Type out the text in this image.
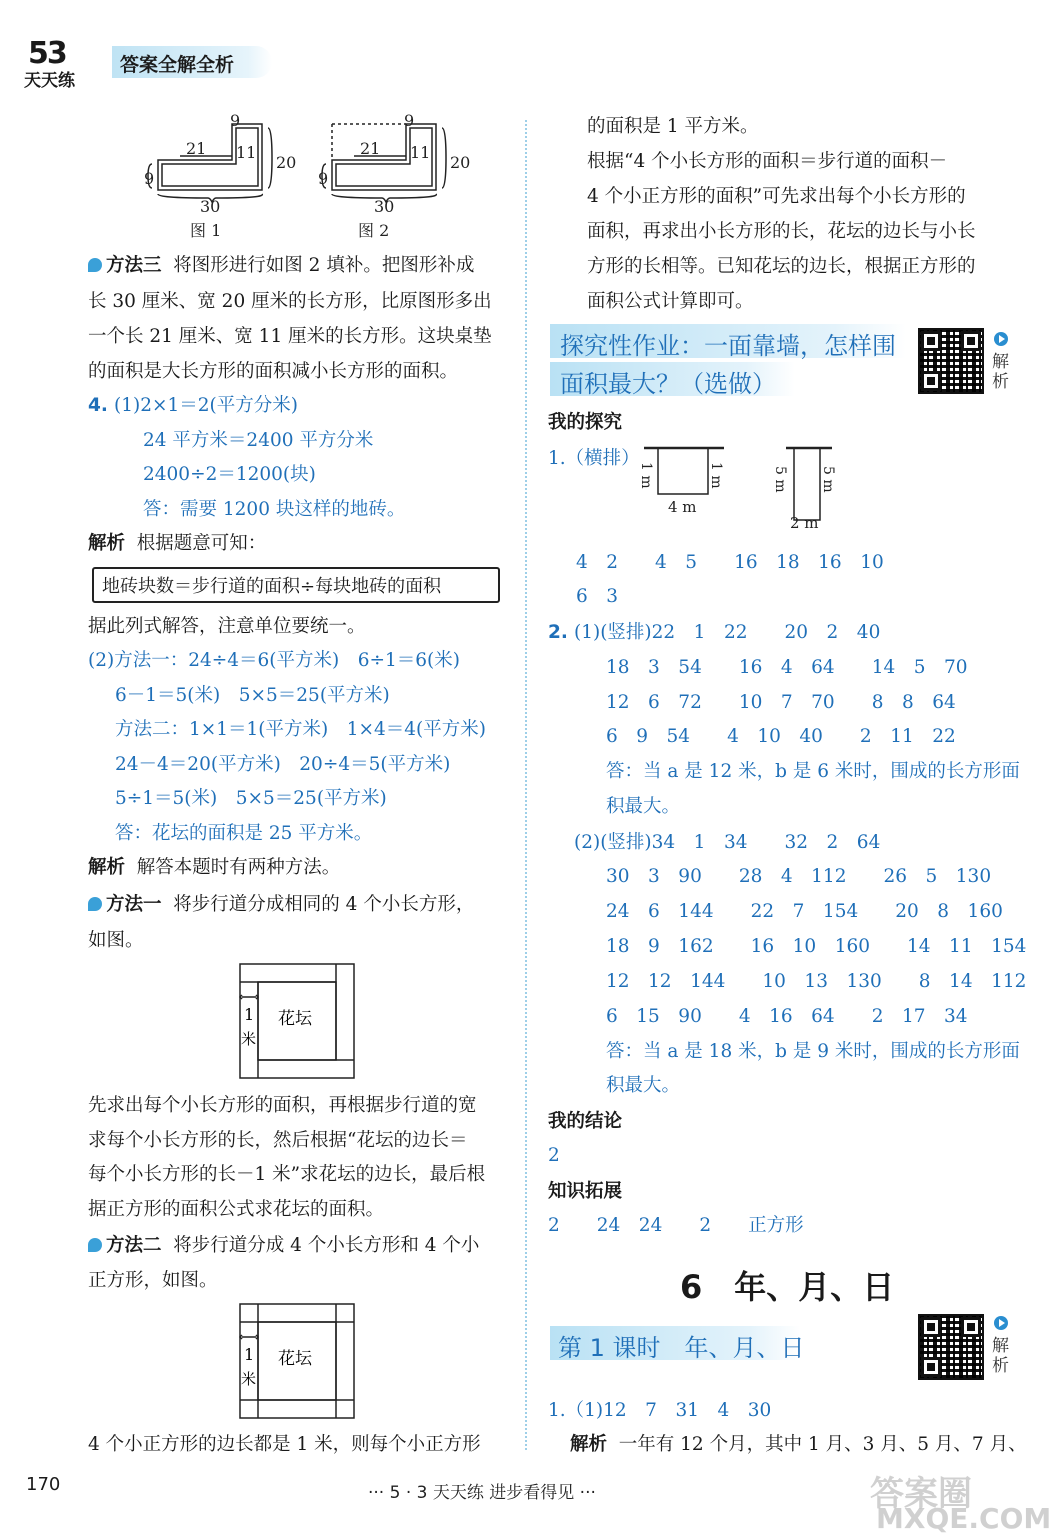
53
天天练
答案全解全析
21
9
11
20
9
30
21
9
11
20
9
30
图 1	图 2
方法三 将图形进行如图 2 填补。把图形补成
长 30 厘米、宽 20 厘米的长方形，比原图形多出
一个长 21 厘米、宽 11 厘米的长方形。这块桌垫
的面积是大长方形的面积减小长方形的面积。
4. (1)2×1＝2(平方分米)
24 平方米＝2400 平方分米
2400÷2＝1200(块)
答：需要 1200 块这样的地砖。
解析 根据题意可知：
地砖块数＝步行道的面积÷每块地砖的面积
据此列式解答，注意单位要统一。
(2)方法一：24÷4＝6(平方米)　6÷1＝6(米)
6－1＝5(米)　5×5＝25(平方米)
方法二：1×1＝1(平方米)　1×4＝4(平方米)
24－4＝20(平方米)　20÷4＝5(平方米)
5÷1＝5(米)　5×5＝25(平方米)
答：花坛的面积是 25 平方米。
解析 解答本题时有两种方法。
方法一 将步行道分成相同的 4 个小长方形，
如图。
花坛
1
米
先求出每个小长方形的面积，再根据步行道的宽
求每个小长方形的长，然后根据“花坛的边长＝
每个小长方形的长－1 米”求花坛的边长，最后根
据正方形的面积公式求花坛的面积。
方法二 将步行道分成 4 个小长方形和 4 个小
正方形，如图。
花坛
1
米
4 个小正方形的边长都是 1 米，则每个小正方形
的面积是 1 平方米。
根据“4 个小长方形的面积＝步行道的面积－
4 个小正方形的面积”可先求出每个小长方形的
面积，再求出小长方形的长，花坛的边长与小长
方形的长相等。已知花坛的边长，根据正方形的
面积公式计算即可。
探究性作业：一面靠墙，怎样围
面积最大？（选做）
解析
我的探究
1.（横排）
1 m	1 m
4 m
5 m 5 m
2 m
4　2　　4　5　　16　18　16　10
6　3
2. (1)(竖排)22　1　22　　20　2　40
18　3　54　　16　4　64　　14　5　70
12　6　72　　10　7　70　　8　8　64
6　9　54　　4　10　40　　2　11　22
答：当 a 是 12 米，b 是 6 米时，围成的长方形面
积最大。
(2)(竖排)34　1　34　　32　2　64
30　3　90　　28　4　112　　26　5　130
24　6　144　　22　7　154　　20　8　160
18　9　162　　16　10　160　　14　11　154
12　12　144　　10　13　130　　8　14　112
6　15　90　　4　16　64　　2　17　34
答：当 a 是 18 米，b 是 9 米时，围成的长方形面
积最大。
我的结论
2
知识拓展
2　　24　24　　2　　正方形
6　年、月、日
第 1 课时　年、月、日	解析
1.（1)12　7　31　4　30
解析 一年有 12 个月，其中 1 月、3 月、5 月、7 月、
170	··· 5 · 3 天天练 进步看得见 ···	答案圈
MXQE.COM
